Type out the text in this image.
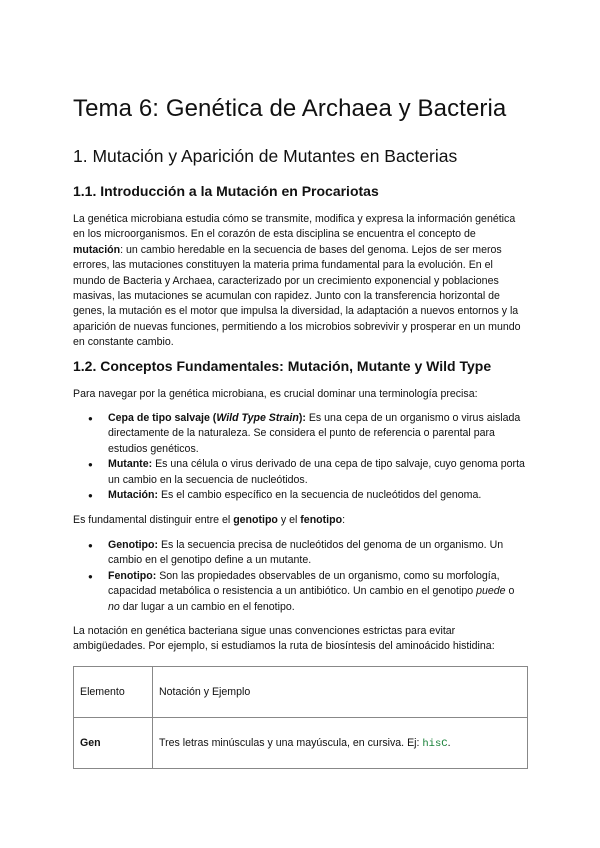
Tema 6: Genética de Archaea y Bacteria
1. Mutación y Aparición de Mutantes en Bacterias
1.1. Introducción a la Mutación en Procariotas

La genética microbiana estudia cómo se transmite, modifica y expresa la información genética en los microorganismos. En el corazón de esta disciplina se encuentra el concepto de mutación: un cambio heredable en la secuencia de bases del genoma. Lejos de ser meros errores, las mutaciones constituyen la materia prima fundamental para la evolución. En el mundo de Bacteria y Archaea, caracterizado por un crecimiento exponencial y poblaciones masivas, las mutaciones se acumulan con rapidez. Junto con la transferencia horizontal de genes, la mutación es el motor que impulsa la diversidad, la adaptación a nuevos entornos y la aparición de nuevas funciones, permitiendo a los microbios sobrevivir y prosperar en un mundo en constante cambio.

1.2. Conceptos Fundamentales: Mutación, Mutante y Wild Type

Para navegar por la genética microbiana, es crucial dominar una terminología precisa:

● Cepa de tipo salvaje (Wild Type Strain): Es una cepa de un organismo o virus aislada directamente de la naturaleza. Se considera el punto de referencia o parental para estudios genéticos.
● Mutante: Es una célula o virus derivado de una cepa de tipo salvaje, cuyo genoma porta un cambio en la secuencia de nucleótidos.
● Mutación: Es el cambio específico en la secuencia de nucleótidos del genoma.

Es fundamental distinguir entre el genotipo y el fenotipo:

● Genotipo: Es la secuencia precisa de nucleótidos del genoma de un organismo. Un cambio en el genotipo define a un mutante.
● Fenotipo: Son las propiedades observables de un organismo, como su morfología, capacidad metabólica o resistencia a un antibiótico. Un cambio en el genotipo puede o no dar lugar a un cambio en el fenotipo.

La notación en genética bacteriana sigue unas convenciones estrictas para evitar ambigüedades. Por ejemplo, si estudiamos la ruta de biosíntesis del aminoácido histidina:

Elemento	Notación y Ejemplo
Gen	Tres letras minúsculas y una mayúscula, en cursiva. Ej: hisC.
